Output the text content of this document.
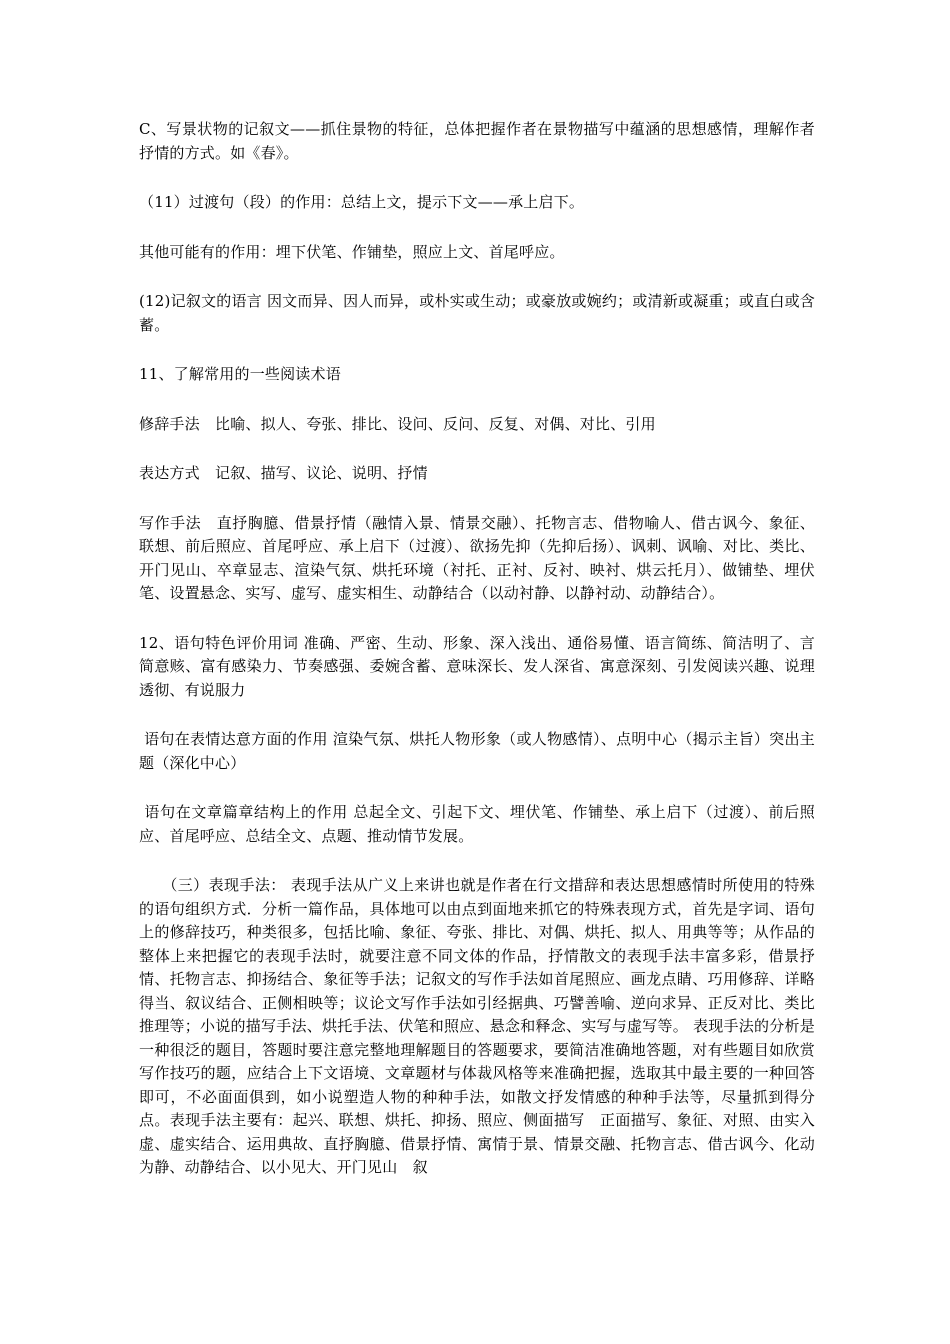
C、写景状物的记叙文——抓住景物的特征，总体把握作者在景物描写中蕴涵的思想感情，理解作者抒情的方式。如《春》。

（11）过渡句（段）的作用：总结上文，提示下文——承上启下。

其他可能有的作用：埋下伏笔、作铺垫，照应上文、首尾呼应。

(12)记叙文的语言 因文而异、因人而异，或朴实或生动；或豪放或婉约；或清新或凝重；或直白或含蓄。

11、了解常用的一些阅读术语

修辞手法　比喻、拟人、夸张、排比、设问、反问、反复、对偶、对比、引用

表达方式　记叙、描写、议论、说明、抒情

写作手法　直抒胸臆、借景抒情（融情入景、情景交融）、托物言志、借物喻人、借古讽今、象征、联想、前后照应、首尾呼应、承上启下（过渡）、欲扬先抑（先抑后扬）、讽刺、讽喻、对比、类比、开门见山、卒章显志、渲染气氛、烘托环境（衬托、正衬、反衬、映衬、烘云托月）、做铺垫、埋伏笔、设置悬念、实写、虚写、虚实相生、动静结合（以动衬静、以静衬动、动静结合）。

12、语句特色评价用词 准确、严密、生动、形象、深入浅出、通俗易懂、语言简练、简洁明了、言简意赅、富有感染力、节奏感强、委婉含蓄、意味深长、发人深省、寓意深刻、引发阅读兴趣、说理透彻、有说服力

语句在表情达意方面的作用 渲染气氛、烘托人物形象（或人物感情）、点明中心（揭示主旨）突出主题（深化中心）

语句在文章篇章结构上的作用 总起全文、引起下文、埋伏笔、作铺垫、承上启下（过渡）、前后照应、首尾呼应、总结全文、点题、推动情节发展。

　　（三）表现手法： 表现手法从广义上来讲也就是作者在行文措辞和表达思想感情时所使用的特殊的语句组织方式．分析一篇作品，具体地可以由点到面地来抓它的特殊表现方式，首先是字词、语句上的修辞技巧，种类很多，包括比喻、象征、夸张、排比、对偶、烘托、拟人、用典等等；从作品的整体上来把握它的表现手法时，就要注意不同文体的作品，抒情散文的表现手法丰富多彩，借景抒情、托物言志、抑扬结合、象征等手法；记叙文的写作手法如首尾照应、画龙点睛、巧用修辞、详略得当、叙议结合、正侧相映等；议论文写作手法如引经据典、巧譬善喻、逆向求异、正反对比、类比推理等；小说的描写手法、烘托手法、伏笔和照应、悬念和释念、实写与虚写等。 表现手法的分析是一种很泛的题目，答题时要注意完整地理解题目的答题要求，要简洁准确地答题，对有些题目如欣赏写作技巧的题，应结合上下文语境、文章题材与体裁风格等来准确把握，选取其中最主要的一种回答即可，不必面面俱到，如小说塑造人物的种种手法，如散文抒发情感的种种手法等，尽量抓到得分点。表现手法主要有：起兴、联想、烘托、抑扬、照应、侧面描写　正面描写、象征、对照、由实入虚、虚实结合、运用典故、直抒胸臆、借景抒情、寓情于景、情景交融、托物言志、借古讽今、化动为静、动静结合、以小见大、开门见山　叙
